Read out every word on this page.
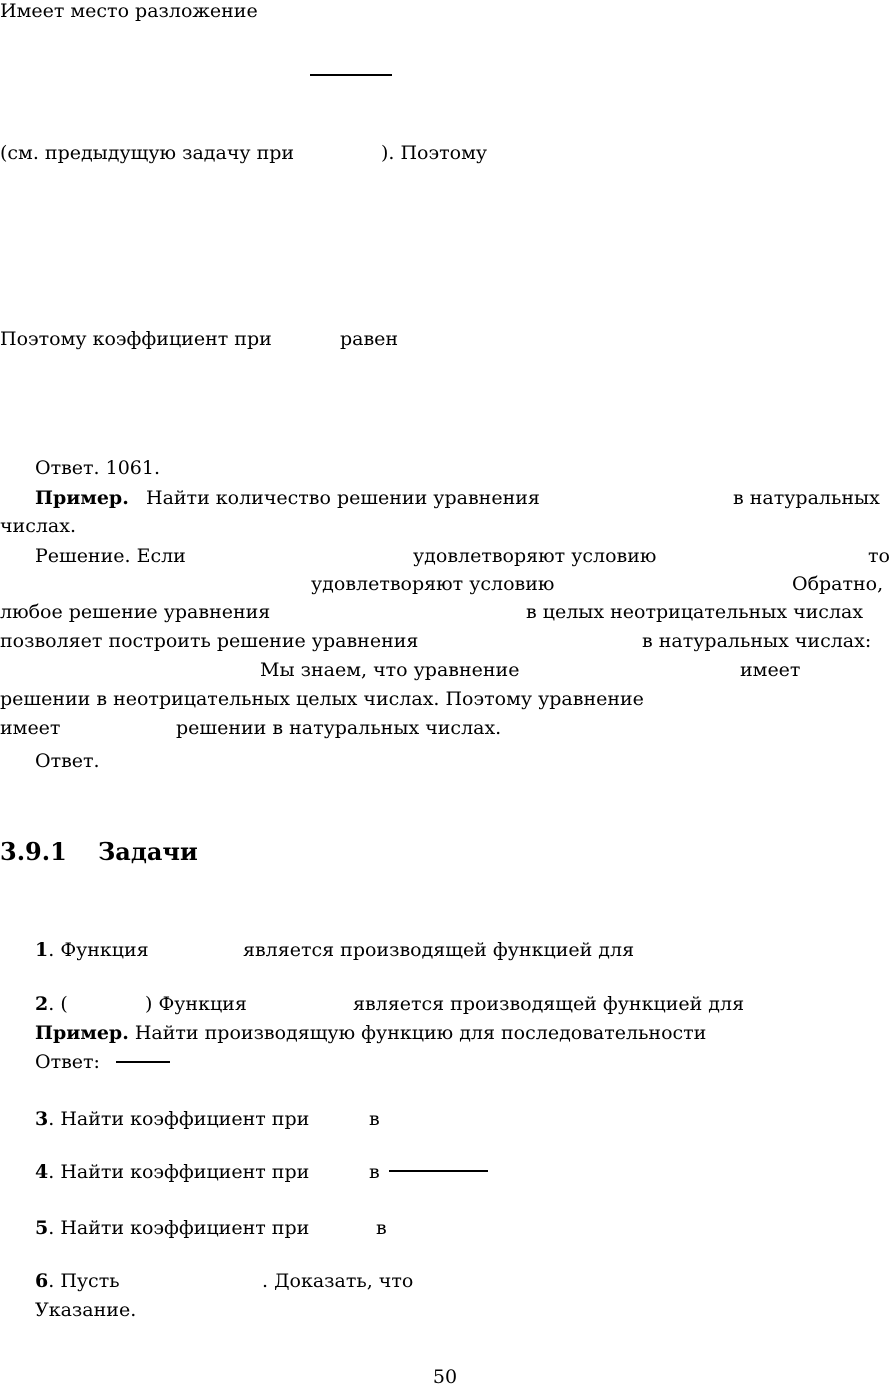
Имеет место разложение
(см. предыдущую задачу при	). Поэтому
Поэтому коэффициент при	равен
Ответ. 1061.
Пример. Найти количество решении уравнения	в натуральных
числах.
Решение. Если	удовлетворяют условию	то
удовлетворяют условию	Обратно,
любое решение уравнения	в целых неотрицательных числах
позволяет построить решение уравнения	в натуральных числах:
Мы знаем, что уравнение	имеет
решении в неотрицательных целых числах. Поэтому уравнение
имеет	решении в натуральных числах.
Ответ.
3.9.1 Задачи
1. Функция	является производящей функцией для
2. (	) Функция	является производящей функцией для
Пример. Найти производящую функцию для последовательности
Ответ:
3. Найти коэффициент при	в
4. Найти коэффициент при	в
5. Найти коэффициент при	в
6. Пусть	. Доказать, что
Указание.
50
